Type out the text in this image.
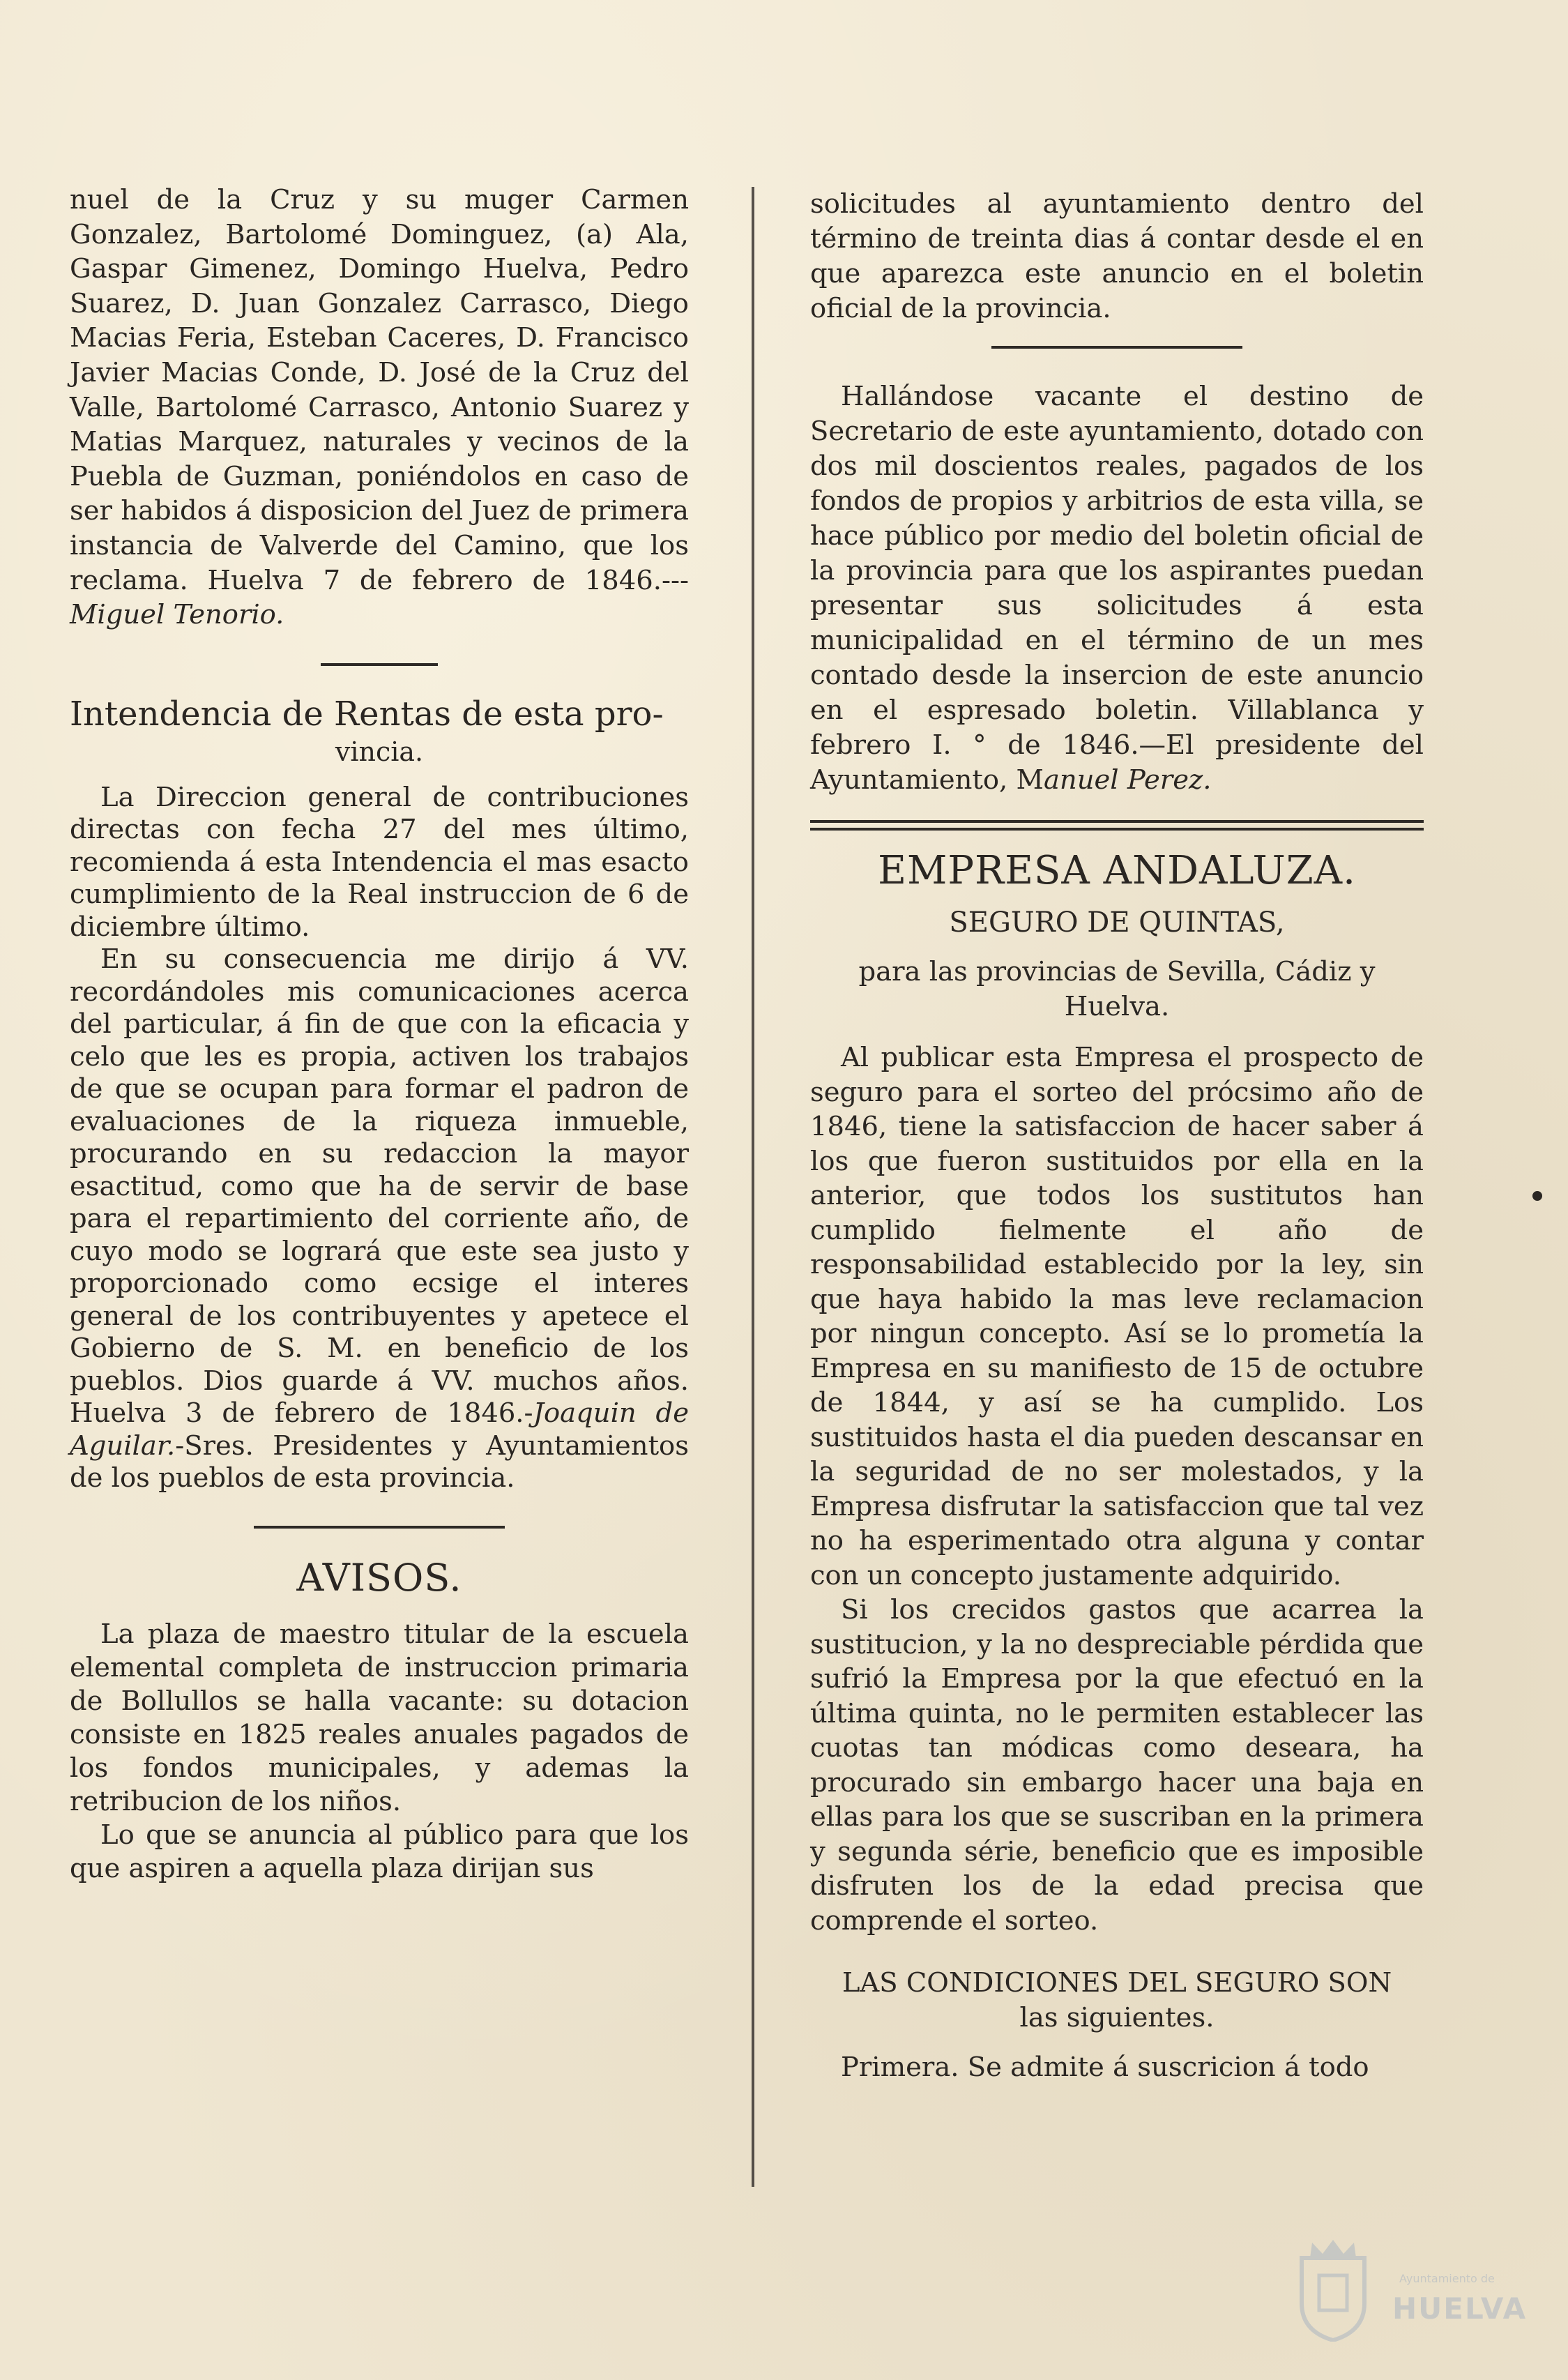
nuel de la Cruz y su muger Carmen Gonzalez, Bartolomé Dominguez, (a) Ala, Gaspar Gimenez, Domingo Huelva, Pedro Suarez, D. Juan Gonzalez Carrasco, Diego Macias Feria, Esteban Caceres, D. Francisco Javier Macias Conde, D. José de la Cruz del Valle, Bartolomé Carrasco, Antonio Suarez y Matias Marquez, naturales y vecinos de la Puebla de Guzman, poniéndolos en caso de ser habidos á disposicion del Juez de primera instancia de Valverde del Camino, que los reclama. Huelva 7 de febrero de 1846.---Miguel Tenorio.

Intendencia de Rentas de esta pro-

vincia.

La Direccion general de contribuciones directas con fecha 27 del mes último, recomienda á esta Intendencia el mas esacto cumplimiento de la Real instruccion de 6 de diciembre último.

En su consecuencia me dirijo á VV. recordándoles mis comunicaciones acerca del particular, á fin de que con la eficacia y celo que les es propia, activen los trabajos de que se ocupan para formar el padron de evaluaciones de la riqueza inmueble, procurando en su redaccion la mayor esactitud, como que ha de servir de base para el repartimiento del corriente año, de cuyo modo se logrará que este sea justo y proporcionado como ecsige el interes general de los contribuyentes y apetece el Gobierno de S. M. en beneficio de los pueblos. Dios guarde á VV. muchos años. Huelva 3 de febrero de 1846.-Joaquin de Aguilar.-Sres. Presidentes y Ayuntamientos de los pueblos de esta provincia.

AVISOS.

La plaza de maestro titular de la escuela elemental completa de instruccion primaria de Bollullos se halla vacante: su dotacion consiste en 1825 reales anuales pagados de los fondos municipales, y ademas la retribucion de los niños.

Lo que se anuncia al público para que los que aspiren a aquella plaza dirijan sus

solicitudes al ayuntamiento dentro del término de treinta dias á contar desde el en que aparezca este anuncio en el boletin oficial de la provincia.

Hallándose vacante el destino de Secretario de este ayuntamiento, dotado con dos mil doscientos reales, pagados de los fondos de propios y arbitrios de esta villa, se hace público por medio del boletin oficial de la provincia para que los aspirantes puedan presentar sus solicitudes á esta municipalidad en el término de un mes contado desde la insercion de este anuncio en el espresado boletin. Villablanca y febrero I. ° de 1846.—El presidente del Ayuntamiento, Manuel Perez.

EMPRESA ANDALUZA.

SEGURO DE QUINTAS,

para las provincias de Sevilla, Cádiz y

Huelva.

Al publicar esta Empresa el prospecto de seguro para el sorteo del prócsimo año de 1846, tiene la satisfaccion de hacer saber á los que fueron sustituidos por ella en la anterior, que todos los sustitutos han cumplido fielmente el año de responsabilidad establecido por la ley, sin que haya habido la mas leve reclamacion por ningun concepto. Así se lo prometía la Empresa en su manifiesto de 15 de octubre de 1844, y así se ha cumplido. Los sustituidos hasta el dia pueden descansar en la seguridad de no ser molestados, y la Empresa disfrutar la satisfaccion que tal vez no ha esperimentado otra alguna y contar con un concepto justamente adquirido.

Si los crecidos gastos que acarrea la sustitucion, y la no despreciable pérdida que sufrió la Empresa por la que efectuó en la última quinta, no le permiten establecer las cuotas tan módicas como deseara, ha procurado sin embargo hacer una baja en ellas para los que se suscriban en la primera y segunda série, beneficio que es imposible disfruten los de la edad precisa que comprende el sorteo.

LAS CONDICIONES DEL SEGURO SON

las siguientes.

Primera. Se admite á suscricion á todo

Ayuntamiento de
HUELVA
